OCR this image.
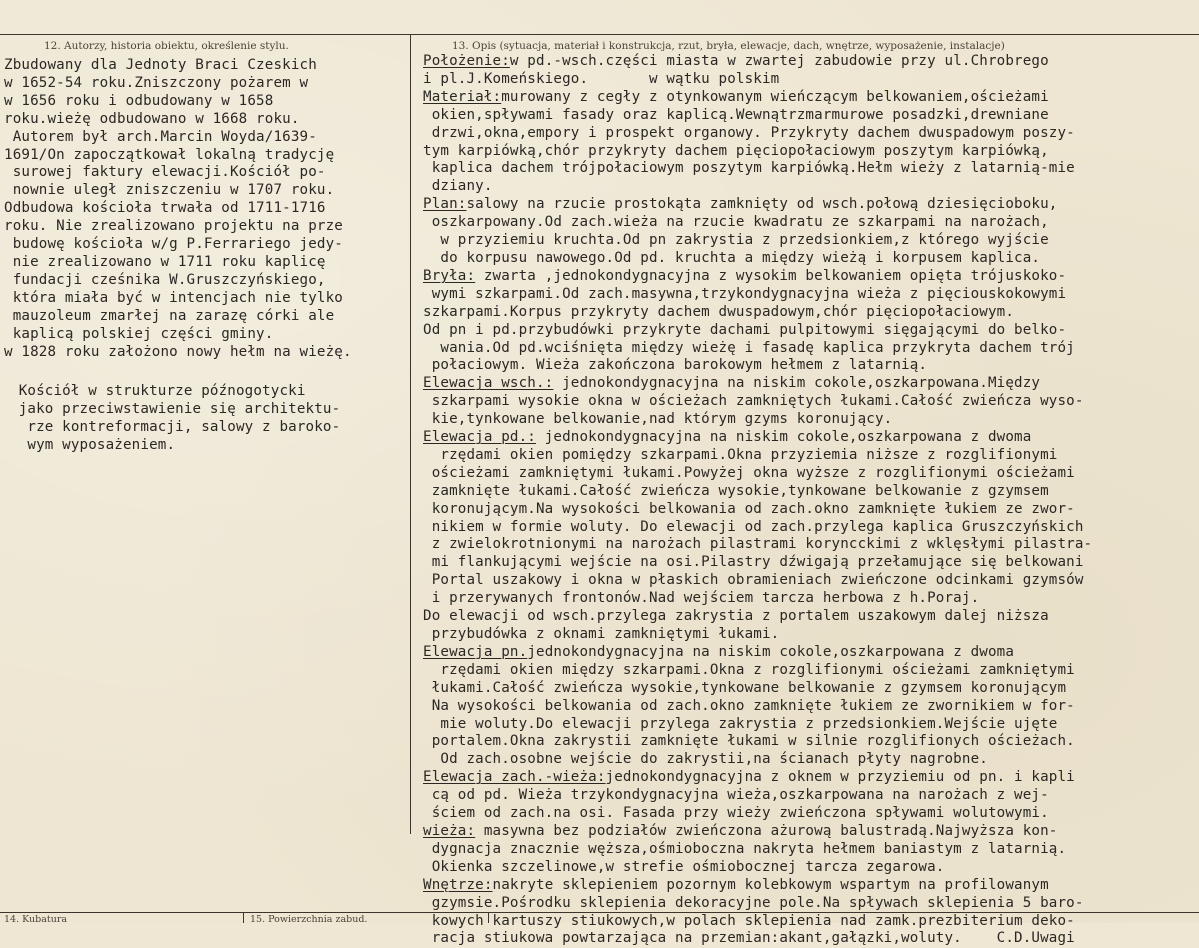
12. Autorzy, historia obiektu, określenie stylu.	13. Opis (sytuacja, materiał i konstrukcja, rzut, bryła, elewacje, dach, wnętrze, wyposażenie, instalacje)
Zbudowany dla Jednoty Braci Czeskich
w 1652-54 roku.Zniszczony pożarem w
w 1656 roku i odbudowany w 1658
roku.wieżę odbudowano w 1668 roku.
Autorem był arch.Marcin Woyda/1639-
1691/On zapoczątkował lokalną tradycję
surowej faktury elewacji.Kościół po-
nownie uległ zniszczeniu w 1707 roku.
Odbudowa kościoła trwała od 1711-1716
roku. Nie zrealizowano projektu na prze
budowę kościoła w/g P.Ferrariego jedy-
nie zrealizowano w 1711 roku kaplicę
fundacji cześnika W.Gruszczyńskiego,
która miała być w intencjach nie tylko
mauzoleum zmarłej na zarazę córki ale
kaplicą polskiej części gminy.
w 1828 roku założono nowy hełm na wieżę.
Kościół w strukturze późnogotycki
jako przeciwstawienie się architektu-
rze kontreformacji, salowy z baroko-
wym wyposażeniem.
Położenie:w pd.-wsch.części miasta w zwartej zabudowie przy ul.Chrobrego
i pl.J.Komeńskiego.       w wątku polskim
Materiał:murowany z cegły z otynkowanym wieńczącym belkowaniem,ościeżami
okien,spływami fasady oraz kaplicą.Wewnątrzmarmurowe posadzki,drewniane
drzwi,okna,empory i prospekt organowy. Przykryty dachem dwuspadowym poszy-
tym karpiówką,chór przykryty dachem pięciopołaciowym poszytym karpiówką,
kaplica dachem trójpołaciowym poszytym karpiówką.Hełm wieży z latarnią-mie
dziany.
Plan:salowy na rzucie prostokąta zamknięty od wsch.połową dziesięcioboku,
oszkarpowany.Od zach.wieża na rzucie kwadratu ze szkarpami na narożach,
w przyziemiu kruchta.Od pn zakrystia z przedsionkiem,z którego wyjście
do korpusu nawowego.Od pd. kruchta a między wieżą i korpusem kaplica.
Bryła: zwarta ,jednokondygnacyjna z wysokim belkowaniem opięta trójuskoko-
wymi szkarpami.Od zach.masywna,trzykondygnacyjna wieża z pięciouskokowymi
szkarpami.Korpus przykryty dachem dwuspadowym,chór pięciopołaciowym.
Od pn i pd.przybudówki przykryte dachami pulpitowymi sięgającymi do belko-
wania.Od pd.wciśnięta między wieżę i fasadę kaplica przykryta dachem trój
połaciowym. Wieża zakończona barokowym hełmem z latarnią.
Elewacja wsch.: jednokondygnacyjna na niskim cokole,oszkarpowana.Między
szkarpami wysokie okna w ościeżach zamkniętych łukami.Całość zwieńcza wyso-
kie,tynkowane belkowanie,nad którym gzyms koronujący.
Elewacja pd.: jednokondygnacyjna na niskim cokole,oszkarpowana z dwoma
rzędami okien pomiędzy szkarpami.Okna przyziemia niższe z rozglifionymi
ościeżami zamkniętymi łukami.Powyżej okna wyższe z rozglifionymi ościeżami
zamknięte łukami.Całość zwieńcza wysokie,tynkowane belkowanie z gzymsem
koronującym.Na wysokości belkowania od zach.okno zamknięte łukiem ze zwor-
nikiem w formie woluty. Do elewacji od zach.przylega kaplica Gruszczyńskich
z zwielokrotnionymi na narożach pilastrami koryncckimi z wklęsłymi pilastra-
mi flankującymi wejście na osi.Pilastry dźwigają przełamujące się belkowani
Portal uszakowy i okna w płaskich obramieniach zwieńczone odcinkami gzymsów
i przerywanych frontonów.Nad wejściem tarcza herbowa z h.Poraj.
Do elewacji od wsch.przylega zakrystia z portalem uszakowym dalej niższa
przybudówka z oknami zamkniętymi łukami.
Elewacja pn.jednokondygnacyjna na niskim cokole,oszkarpowana z dwoma
rzędami okien między szkarpami.Okna z rozglifionymi ościeżami zamkniętymi
łukami.Całość zwieńcza wysokie,tynkowane belkowanie z gzymsem koronującym
Na wysokości belkowania od zach.okno zamknięte łukiem ze zwornikiem w for-
mie woluty.Do elewacji przylega zakrystia z przedsionkiem.Wejście ujęte
portalem.Okna zakrystii zamknięte łukami w silnie rozglifionych ościeżach.
Od zach.osobne wejście do zakrystii,na ścianach płyty nagrobne.
Elewacja zach.-wieża:jednokondygnacyjna z oknem w przyziemiu od pn. i kapli
cą od pd. Wieża trzykondygnacyjna wieża,oszkarpowana na narożach z wej-
ściem od zach.na osi. Fasada przy wieży zwieńczona spływami wolutowymi.
wieża: masywna bez podziałów zwieńczona ażurową balustradą.Najwyższa kon-
dygnacja znacznie węższa,ośmioboczna nakryta hełmem baniastym z latarnią.
Okienka szczelinowe,w strefie ośmiobocznej tarcza zegarowa.
Wnętrze:nakryte sklepieniem pozornym kolebkowym wspartym na profilowanym
gzymsie.Pośrodku sklepienia dekoracyjne pole.Na spływach sklepienia 5 baro-
kowych kartuszy stiukowych,w polach sklepienia nad zamk.prezbiterium deko-
racja stiukowa powtarzająca na przemian:akant,gałązki,woluty.    C.D.Uwagi
14. Kubatura	15. Powierzchnia zabud.
